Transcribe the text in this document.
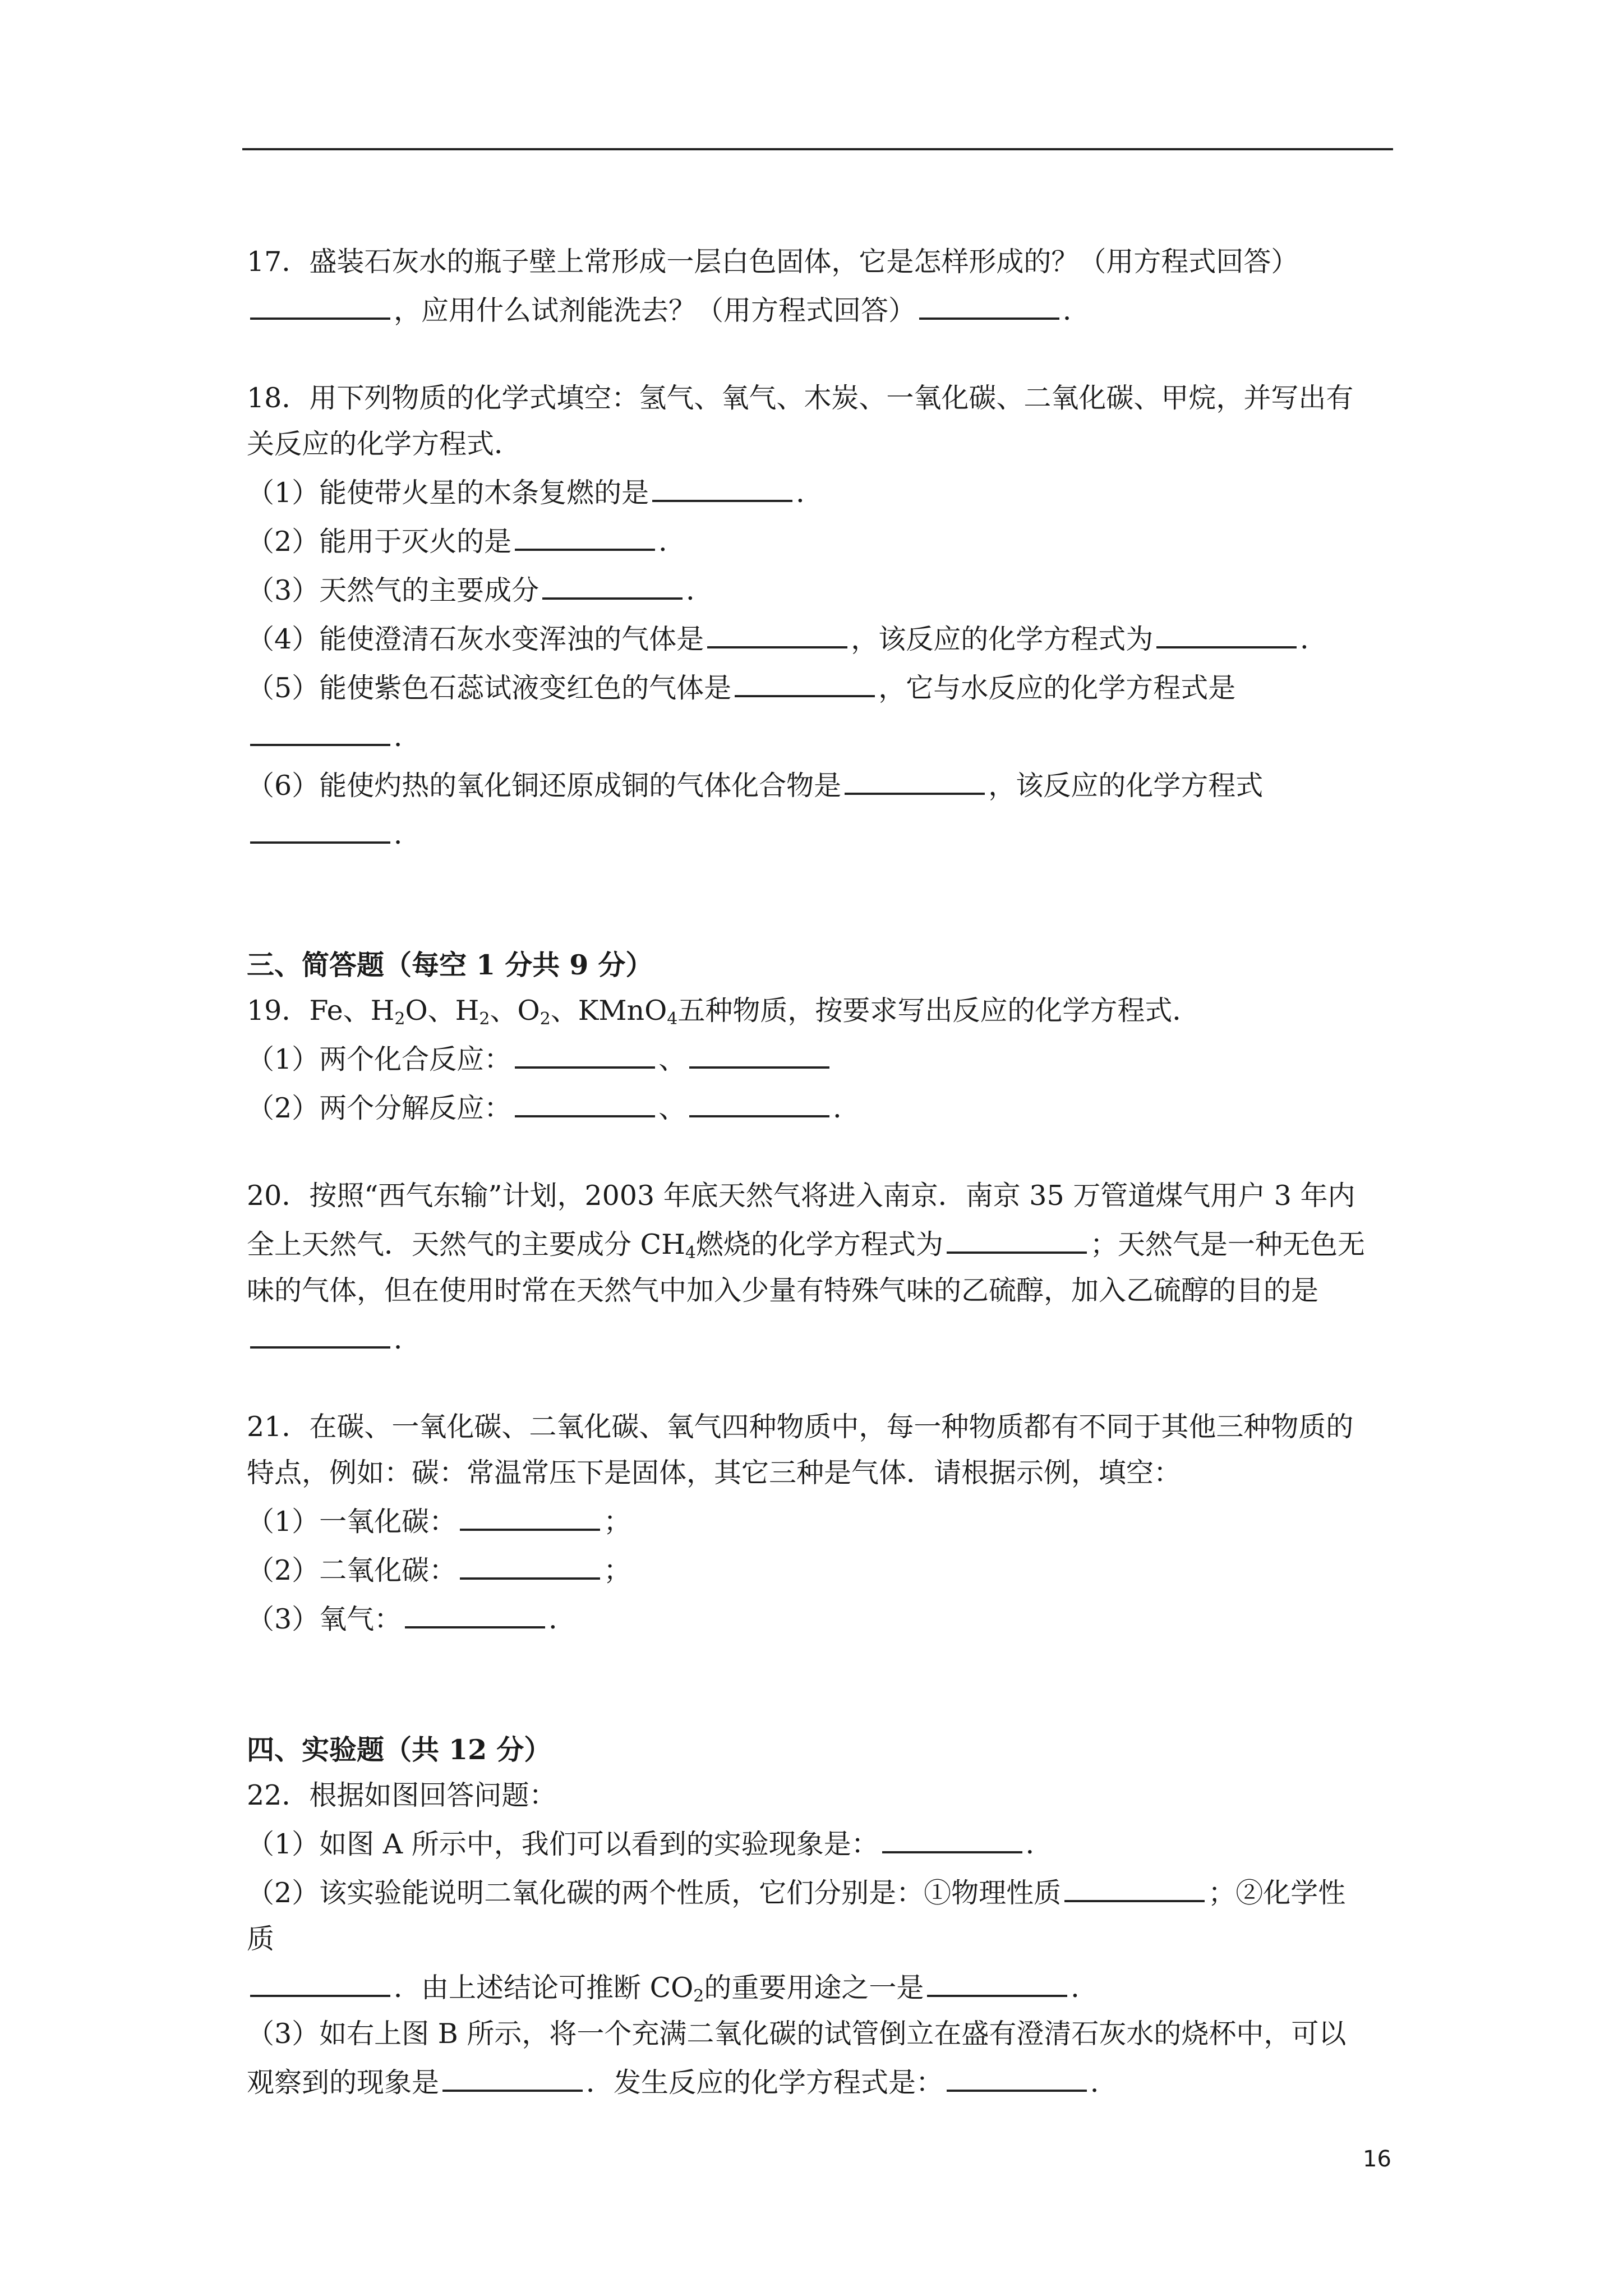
17．盛装石灰水的瓶子壁上常形成一层白色固体，它是怎样形成的？（用方程式回答）
，应用什么试剂能洗去？（用方程式回答）	．
18．用下列物质的化学式填空：氢气、氧气、木炭、一氧化碳、二氧化碳、甲烷，并写出有
关反应的化学方程式．
（1）能使带火星的木条复燃的是	．
（2）能用于灭火的是	．
（3）天然气的主要成分	．
（4）能使澄清石灰水变浑浊的气体是	，该反应的化学方程式为	．
（5）能使紫色石蕊试液变红色的气体是	，它与水反应的化学方程式是
．
（6）能使灼热的氧化铜还原成铜的气体化合物是	，该反应的化学方程式
．
三、简答题（每空 1 分共 9 分）
19．Fe、$H_2O$、$H_2$、$O_2$、KMnO$_4$五种物质，按要求写出反应的化学方程式．
（1）两个化合反应：	、
（2）两个分解反应：	、	．
20．按照“西气东输”计划，2003 年底天然气将进入南京．南京 35 万管道煤气用户 3 年内
全上天然气．天然气的主要成分 $CH_4$燃烧的化学方程式为	；天然气是一种无色无
味的气体，但在使用时常在天然气中加入少量有特殊气味的乙硫醇，加入乙硫醇的目的是
．
21．在碳、一氧化碳、二氧化碳、氧气四种物质中，每一种物质都有不同于其他三种物质的
特点，例如：碳：常温常压下是固体，其它三种是气体．请根据示例，填空：
（1）一氧化碳：	；
（2）二氧化碳：	；
（3）氧气：	．
四、实验题（共 12 分）
22．根据如图回答问题：
（1）如图 A 所示中，我们可以看到的实验现象是：	．
（2）该实验能说明二氧化碳的两个性质，它们分别是：①物理性质	；②化学性
质
．由上述结论可推断 $CO_2$的重要用途之一是	．
（3）如右上图 B 所示，将一个充满二氧化碳的试管倒立在盛有澄清石灰水的烧杯中，可以
观察到的现象是	．发生反应的化学方程式是：	．
16
